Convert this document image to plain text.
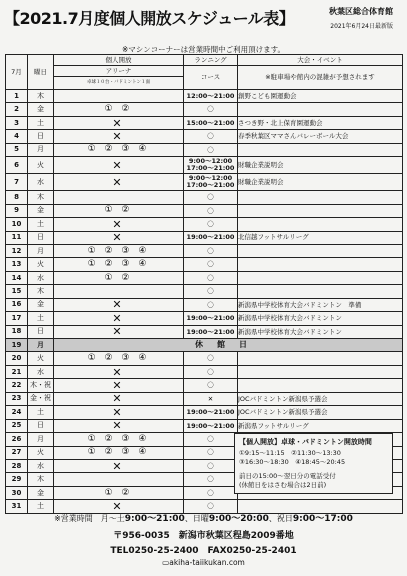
【2021.7月度個人開放スケジュール表】	秋葉区総合体育館
2021年6月24日最新版
※マシンコーナーは営業時間中ご利用頂けます。
7月	曜日	個人開放	ランニング	大会・イベント
		アリーナ	コース	※駐車場や館内の混雑が予想されます
		卓球１０台・バドミントン１面		
1	木		12:00～21:00	創野こども園運動会
2	金	① ②	〇	
3	土	✕	15:00～21:00	さつき野・北上保育園運動会
4	日	✕	〇	春季秋葉区ママさんバレーボール大会
5	月	① ② ③ ④	〇	
6	火	✕	9:00～12:00
17:00～21:00	財職企業説明会
7	水	✕	9:00～12:00
17:00～21:00	財職企業説明会
8	木		〇	
9	金	① ②	〇	
10	土	✕	〇	
11	日	✕	19:00～21:00	北信越フットサルリーグ
12	月	① ② ③ ④	〇	
13	火	① ② ③ ④	〇	
14	水	① ②	〇	
15	木		〇	
16	金	✕	〇	新潟県中学校体育大会バドミントン　準備
17	土	✕	19:00～21:00	新潟県中学校体育大会バドミントン
18	日	✕	19:00～21:00	新潟県中学校体育大会バドミントン
19	月	休館日		
20	火	① ② ③ ④	〇	
21	水	✕	〇	
22	木・祝	✕	〇	
23	金・祝	✕	✕	JOCバドミントン新潟県予選会
24	土	✕	19:00～21:00	JOCバドミントン新潟県予選会
25	日	✕	19:00～21:00	新潟県フットサルリーグ
26	月	① ② ③ ④	〇	
27	火	① ② ③ ④	〇	
28	水	✕	〇	
29	木		〇	
30	金	① ②	〇	
31	土	✕	〇	
【個人開放】卓球・バドミントン開放時間
①9:15～11:15　②11:30～13:30
③16:30～18:30　④18:45～20:45
前日の15:00～翌日分の電話受付
(休館日をはさむ場合は2日前)
※営業時間　月～土9:00～21:00、日曜9:00～20:00、祝日9:00～17:00
〒956-0035　新潟市秋葉区程島2009番地
TEL0250-25-2400　FAX0250-25-2401
▭akiha-taiikukan.com
